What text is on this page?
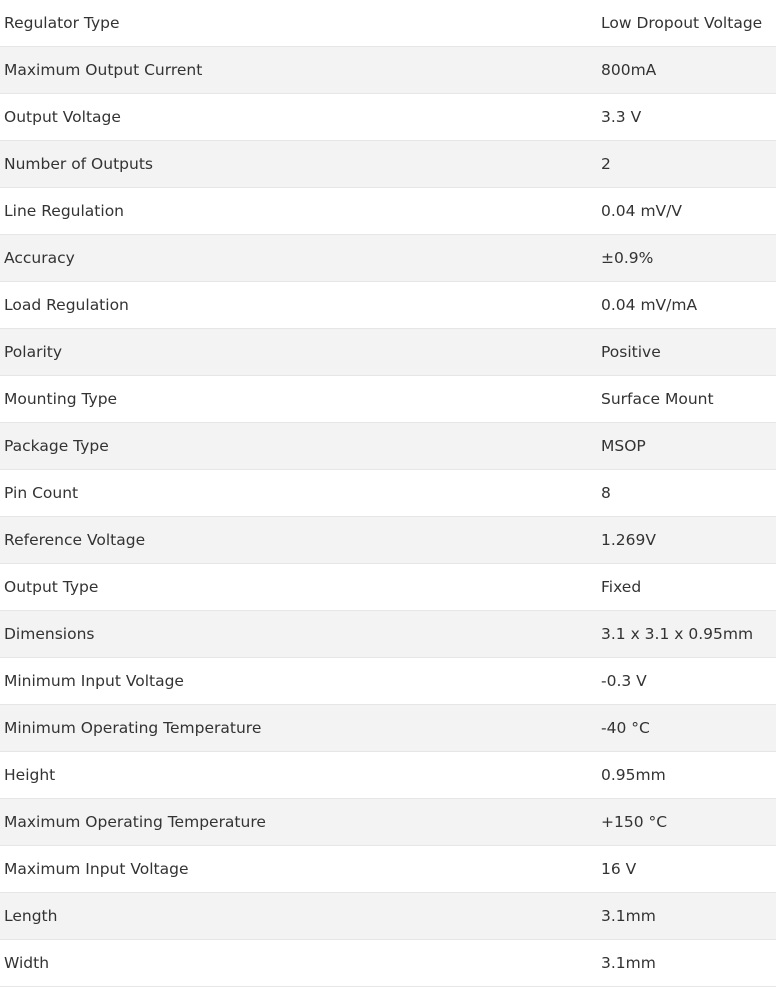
Regulator Type	Low Dropout Voltage
Maximum Output Current	800mA
Output Voltage	3.3 V
Number of Outputs	2
Line Regulation	0.04 mV/V
Accuracy	±0.9%
Load Regulation	0.04 mV/mA
Polarity	Positive
Mounting Type	Surface Mount
Package Type	MSOP
Pin Count	8
Reference Voltage	1.269V
Output Type	Fixed
Dimensions	3.1 x 3.1 x 0.95mm
Minimum Input Voltage	-0.3 V
Minimum Operating Temperature	-40 °C
Height	0.95mm
Maximum Operating Temperature	+150 °C
Maximum Input Voltage	16 V
Length	3.1mm
Width	3.1mm
